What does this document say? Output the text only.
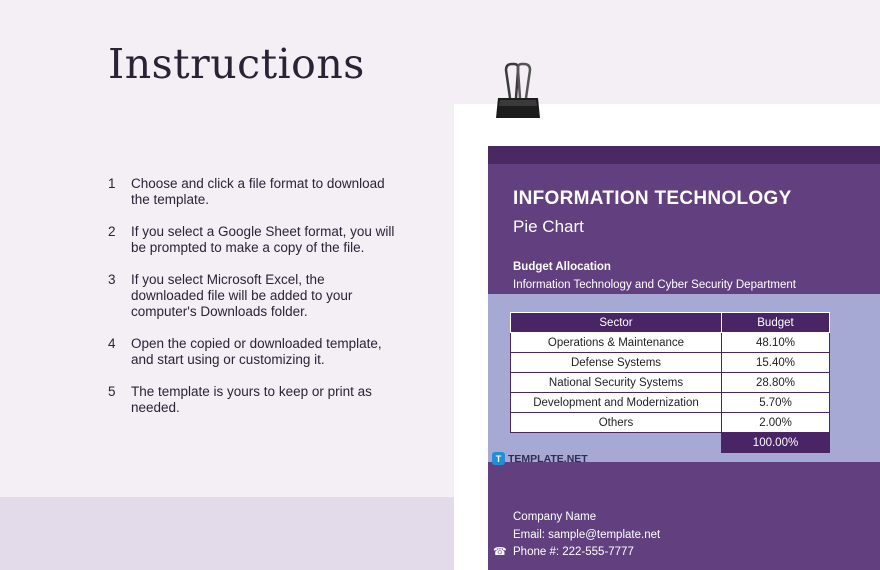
Instructions
1	Choose and click a file format to download the template.
2	If you select a Google Sheet format, you will be prompted to make a copy of the file.
3	If you select Microsoft Excel, the downloaded file will be added to your computer's Downloads folder.
4	Open the copied or downloaded template, and start using or customizing it.
5	The template is yours to keep or print as needed.
INFORMATION TECHNOLOGY
Pie Chart
Budget Allocation
Information Technology and Cyber Security Department
Sector	Budget
Operations & Maintenance	48.10%
Defense Systems	15.40%
National Security Systems	28.80%
Development and Modernization	5.70%
Others	2.00%
	100.00%
T TEMPLATE.NET
Company Name
Email: sample@template.net
☎ Phone #: 222-555-7777
